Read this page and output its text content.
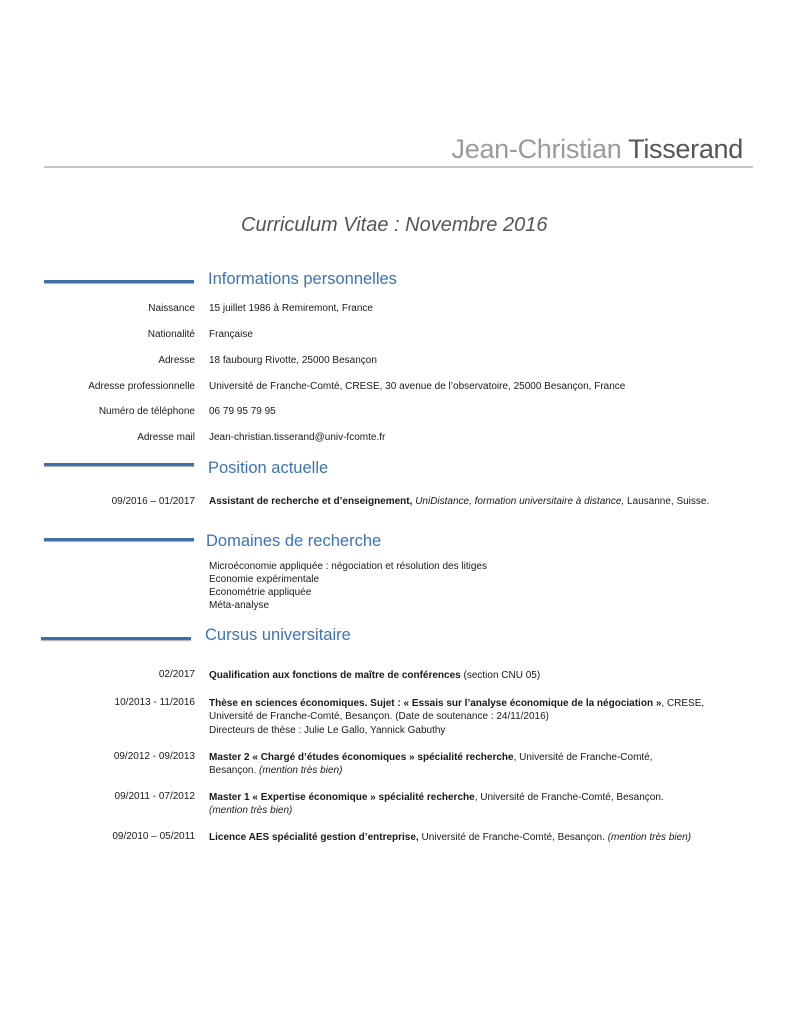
Jean-Christian Tisserand
Curriculum Vitae : Novembre 2016
Informations personnelles
Naissance 15 juillet 1986 à Remiremont, France
Nationalité Française
Adresse 18 faubourg Rivotte, 25000 Besançon
Adresse professionnelle Université de Franche-Comté, CRESE, 30 avenue de l’observatoire, 25000 Besançon, France
Numéro de téléphone 06 79 95 79 95
Adresse mail Jean-christian.tisserand@univ-fcomte.fr
Position actuelle
09/2016 – 01/2017 Assistant de recherche et d’enseignement, UniDistance, formation universitaire à distance, Lausanne, Suisse.
Domaines de recherche
Microéconomie appliquée : négociation et résolution des litiges
Economie expérimentale
Econométrie appliquée
Méta-analyse
Cursus universitaire
02/2017 Qualification aux fonctions de maître de conférences (section CNU 05)
10/2013 - 11/2016 Thèse en sciences économiques. Sujet : « Essais sur l’analyse économique de la négociation », CRESE,
Université de Franche-Comté, Besançon. (Date de soutenance : 24/11/2016)
Directeurs de thèse : Julie Le Gallo, Yannick Gabuthy
09/2012 - 09/2013 Master 2 « Chargé d’études économiques » spécialité recherche, Université de Franche-Comté,
Besançon. (mention très bien)
09/2011 - 07/2012 Master 1 « Expertise économique » spécialité recherche, Université de Franche-Comté, Besançon.
(mention très bien)
09/2010 – 05/2011 Licence AES spécialité gestion d’entreprise, Université de Franche-Comté, Besançon. (mention très bien)
